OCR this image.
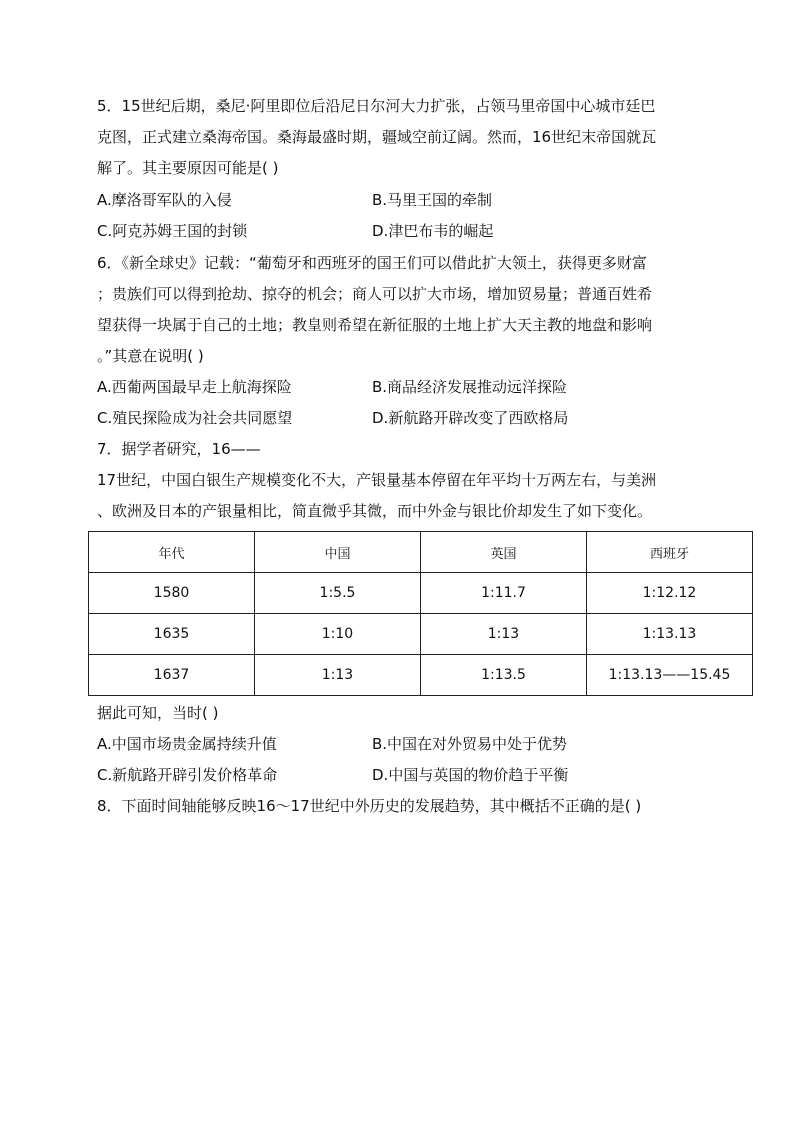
5．15世纪后期，桑尼·阿里即位后沿尼日尔河大力扩张，占领马里帝国中心城市廷巴
克图，正式建立桑海帝国。桑海最盛时期，疆域空前辽阔。然而，16世纪末帝国就瓦
解了。其主要原因可能是( )
A.摩洛哥军队的入侵	B.马里王国的牵制
C.阿克苏姆王国的封锁	D.津巴布韦的崛起
6．《新全球史》记载：“葡萄牙和西班牙的国王们可以借此扩大领土，获得更多财富
；贵族们可以得到抢劫、掠夺的机会；商人可以扩大市场，增加贸易量；普通百姓希
望获得一块属于自己的土地；教皇则希望在新征服的土地上扩大天主教的地盘和影响
。”其意在说明( )
A.西葡两国最早走上航海探险	B.商品经济发展推动远洋探险
C.殖民探险成为社会共同愿望	D.新航路开辟改变了西欧格局
7．据学者研究，16——
17世纪，中国白银生产规模变化不大，产银量基本停留在年平均十万两左右，与美洲
、欧洲及日本的产银量相比，简直微乎其微，而中外金与银比价却发生了如下变化。
年代	中国	英国	西班牙
1580	1:5.5	1:11.7	1:12.12
1635	1:10	1:13	1:13.13
1637	1:13	1:13.5	1:13.13——15.45
据此可知，当时( )
A.中国市场贵金属持续升值	B.中国在对外贸易中处于优势
C.新航路开辟引发价格革命	D.中国与英国的物价趋于平衡
8．下面时间轴能够反映16～17世纪中外历史的发展趋势，其中概括不正确的是( )
